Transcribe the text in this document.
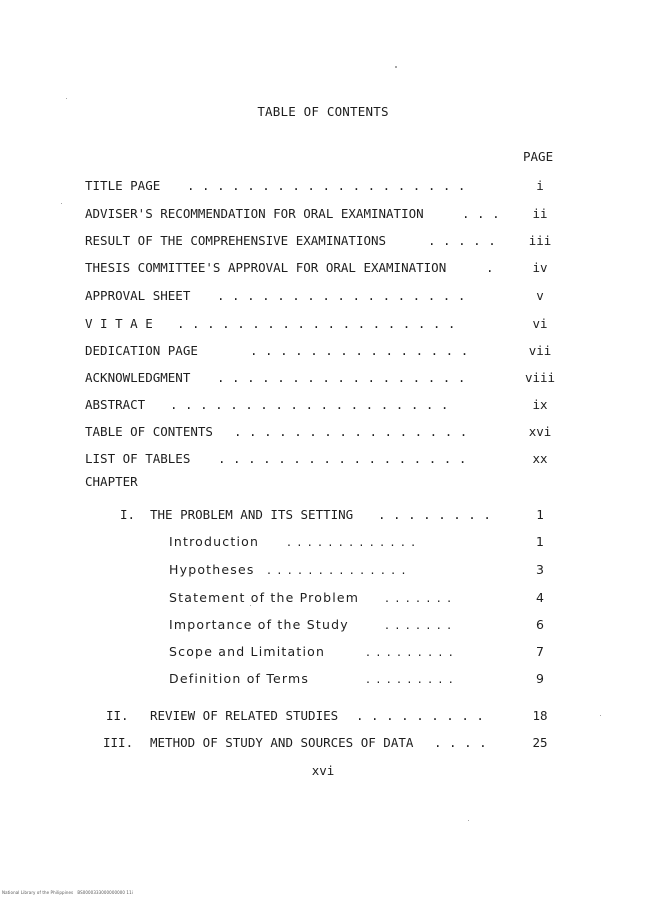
TABLE OF CONTENTS
PAGE
TITLE PAGE . . . . . . . . . . . . . . . . . . .	i
ADVISER'S RECOMMENDATION FOR ORAL EXAMINATION	. . .	ii
RESULT OF THE COMPREHENSIVE EXAMINATIONS	. . . . .	iii
THESIS COMMITTEE'S APPROVAL FOR ORAL EXAMINATION	.	iv
APPROVAL SHEET . . . . . . . . . . . . . . . . .	v
V I T A E . . . . . . . . . . . . . . . . . . .	vi
DEDICATION PAGE	. . . . . . . . . . . . . . .	vii
ACKNOWLEDGMENT . . . . . . . . . . . . . . . . .	viii
ABSTRACT . . . . . . . . . . . . . . . . . . .	ix
TABLE OF CONTENTS . . . . . . . . . . . . . . . .	xvi
LIST OF TABLES . . . . . . . . . . . . . . . . .	xx
CHAPTER
I. THE PROBLEM AND ITS SETTING . . . . . . . .	1
Introduction . . . . . . . . . . . . .	1
Hypotheses . . . . . . . . . . . . . .	3
Statement of the Problem . . . . . . .	4
Importance of the Study	. . . . . . .	6
Scope and Limitation	. . . . . . . . .	7
Definition of Terms	. . . . . . . . .	9
II. REVIEW OF RELATED STUDIES . . . . . . . . .	18
III. METHOD OF STUDY AND SOURCES OF DATA . . . .	25
xvi
National Library of the Philippines   BS0000333000000000 11i
